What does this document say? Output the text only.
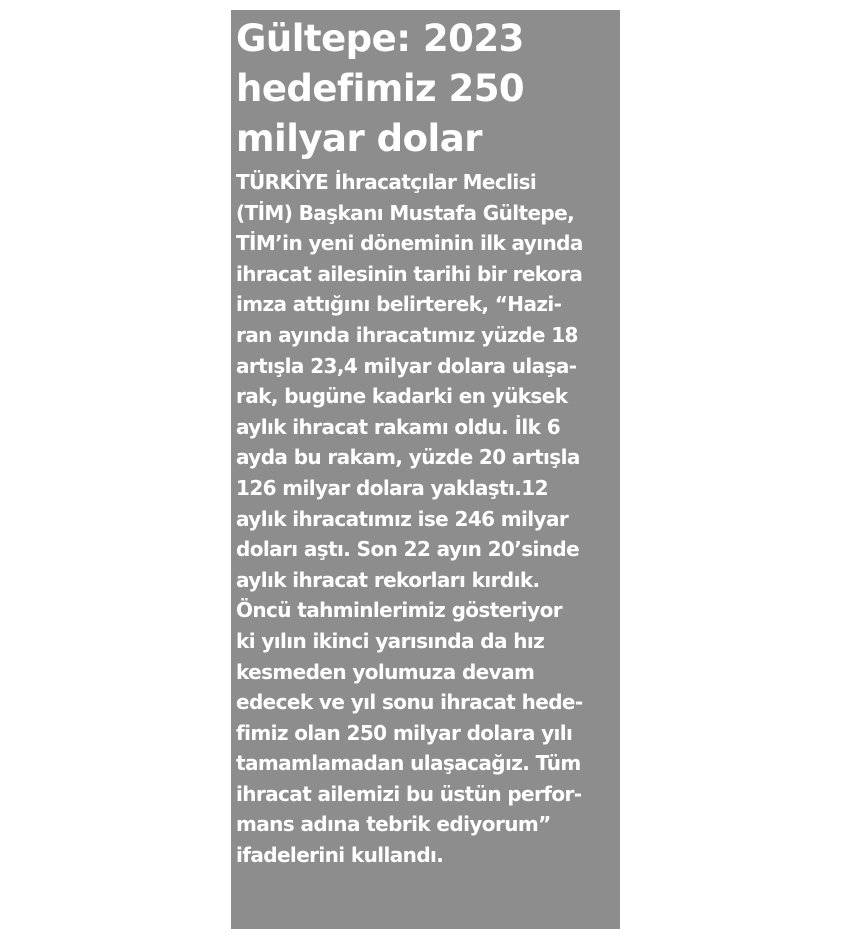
Gültepe: 2023
hedefimiz 250
milyar dolar
TÜRKİYE İhracatçılar Meclisi
(TİM) Başkanı Mustafa Gültepe,
TİM’in yeni döneminin ilk ayında
ihracat ailesinin tarihi bir rekora
imza attığını belirterek, “Hazi-
ran ayında ihracatımız yüzde 18
artışla 23,4 milyar dolara ulaşa-
rak, bugüne kadarki en yüksek
aylık ihracat rakamı oldu. İlk 6
ayda bu rakam, yüzde 20 artışla
126 milyar dolara yaklaştı.12
aylık ihracatımız ise 246 milyar
doları aştı. Son 22 ayın 20’sinde
aylık ihracat rekorları kırdık.
Öncü tahminlerimiz gösteriyor
ki yılın ikinci yarısında da hız
kesmeden yolumuza devam
edecek ve yıl sonu ihracat hede-
fimiz olan 250 milyar dolara yılı
tamamlamadan ulaşacağız. Tüm
ihracat ailemizi bu üstün perfor-
mans adına tebrik ediyorum”
ifadelerini kullandı.
